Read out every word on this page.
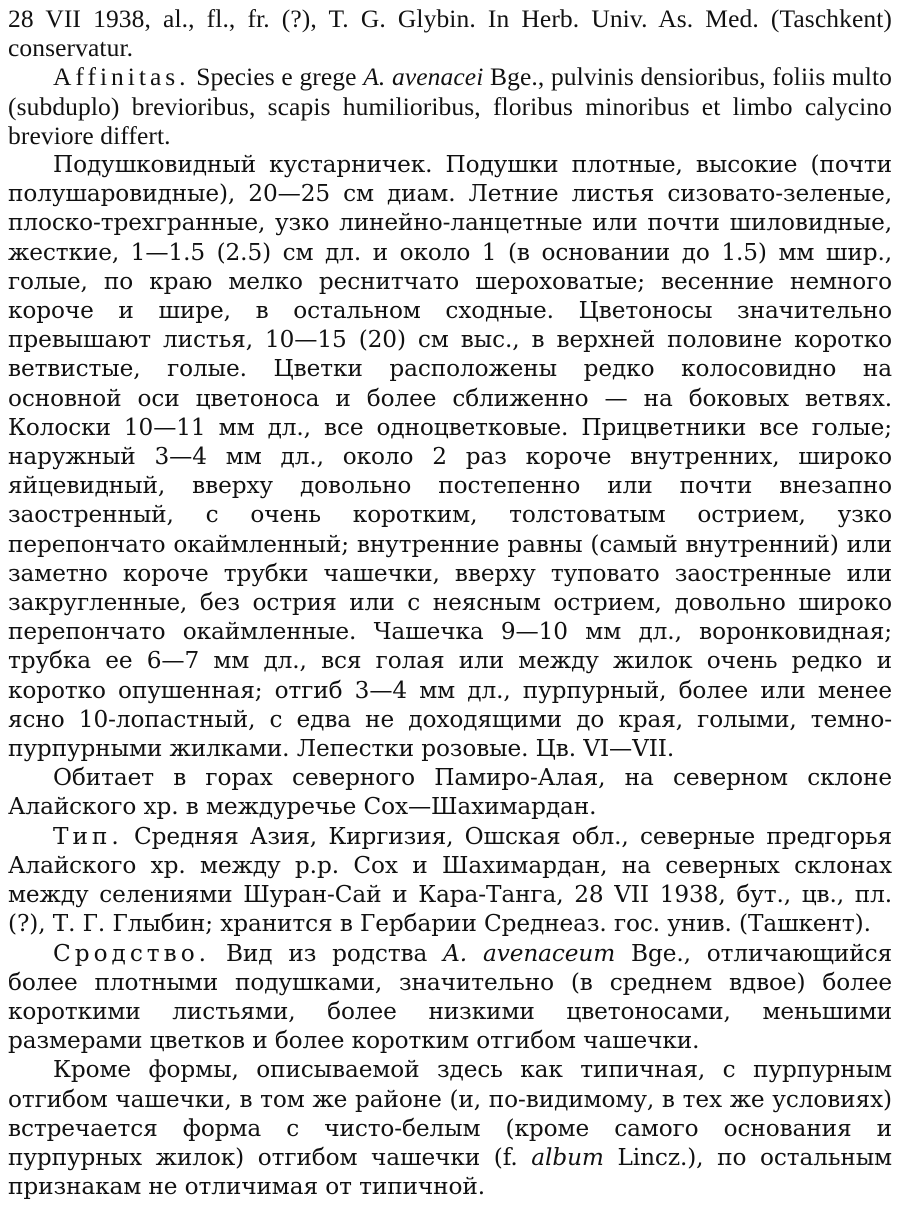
28 VII 1938, al., fl., fr. (?), T. G. Glybin. In Herb. Univ. As. Med. (Taschkent) conservatur.

Affinitas. Species e grege A. avenacei Bge., pulvinis densioribus, foliis multo (subduplo) brevioribus, scapis humilioribus, floribus minoribus et limbo calycino breviore differt.

Подушковидный кустарничек. Подушки плотные, высокие (почти полушаровидные), 20—25 см диам. Летние листья сизовато-зеленые, плоско-трехгранные, узко линейно-ланцетные или почти шиловидные, жесткие, 1—1.5 (2.5) см дл. и около 1 (в основании до 1.5) мм шир., голые, по краю мелко реснитчато шероховатые; весенние немного короче и шире, в остальном сходные. Цветоносы значительно превышают листья, 10—15 (20) см выс., в верхней половине коротко ветвистые, голые. Цветки расположены редко колосовидно на основной оси цветоноса и более сближенно — на боковых ветвях. Колоски 10—11 мм дл., все одноцветковые. Прицветники все голые; наружный 3—4 мм дл., около 2 раз короче внутренних, широко яйцевидный, вверху довольно постепенно или почти внезапно заостренный, с очень коротким, толстоватым острием, узко перепончато окаймленный; внутренние равны (самый внутренний) или заметно короче трубки чашечки, вверху туповато заостренные или закругленные, без острия или с неясным острием, довольно широко перепончато окаймленные. Чашечка 9—10 мм дл., воронковидная; трубка ее 6—7 мм дл., вся голая или между жилок очень редко и коротко опушенная; отгиб 3—4 мм дл., пурпурный, более или менее ясно 10-лопастный, с едва не доходящими до края, голыми, темно-пурпурными жилками. Лепестки розовые. Цв. VI—VII.

Обитает в горах северного Памиро-Алая, на северном склоне Алайского хр. в междуречье Сох—Шахимардан.

Тип. Средняя Азия, Киргизия, Ошская обл., северные предгорья Алайского хр. между р.р. Сох и Шахимардан, на северных склонах между селениями Шуран-Сай и Кара-Танга, 28 VII 1938, бут., цв., пл. (?), Т. Г. Глыбин; хранится в Гербарии Среднеаз. гос. унив. (Ташкент).

Сродство. Вид из родства A. avenaceum Bge., отличающийся более плотными подушками, значительно (в среднем вдвое) более короткими листьями, более низкими цветоносами, меньшими размерами цветков и более коротким отгибом чашечки.

Кроме формы, описываемой здесь как типичная, с пурпурным отгибом чашечки, в том же районе (и, по-видимому, в тех же условиях) встречается форма с чисто-белым (кроме самого основания и пурпурных жилок) отгибом чашечки (f. album Lincz.), по остальным признакам не отличимая от типичной.
